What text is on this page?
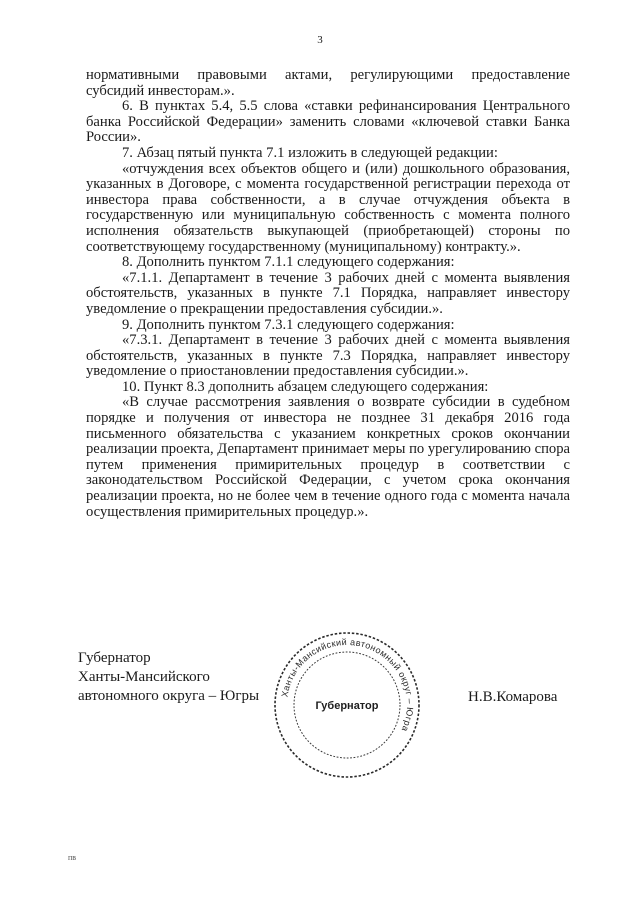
3

нормативными правовыми актами, регулирующими предоставление субсидий инвесторам.».

6. В пунктах 5.4, 5.5 слова «ставки рефинансирования Центрального банка Российской Федерации» заменить словами «ключевой ставки Банка России».

7. Абзац пятый пункта 7.1 изложить в следующей редакции:

«отчуждения всех объектов общего и (или) дошкольного образования, указанных в Договоре, с момента государственной регистрации перехода от инвестора права собственности, а в случае отчуждения объекта в государственную или муниципальную собственность с момента полного исполнения обязательств выкупающей (приобретающей) стороны по соответствующему государственному (муниципальному) контракту.».

8. Дополнить пунктом 7.1.1 следующего содержания:

«7.1.1. Департамент в течение 3 рабочих дней с момента выявления обстоятельств, указанных в пункте 7.1 Порядка, направляет инвестору уведомление о прекращении предоставления субсидии.».

9. Дополнить пунктом 7.3.1 следующего содержания:

«7.3.1. Департамент в течение 3 рабочих дней с момента выявления обстоятельств, указанных в пункте 7.3 Порядка, направляет инвестору уведомление о приостановлении предоставления субсидии.».

10. Пункт 8.3 дополнить абзацем следующего содержания:

«В случае рассмотрения заявления о возврате субсидии в судебном порядке и получения от инвестора не позднее 31 декабря 2016 года письменного обязательства с указанием конкретных сроков окончании реализации проекта, Департамент принимает меры по урегулированию спора путем применения примирительных процедур в соответствии с законодательством Российской Федерации, с учетом срока окончания реализации проекта, но не более чем в течение одного года с момента начала осуществления примирительных процедур.».

Губернатор
Ханты-Мансийского
автономного округа – Югры Ханты-Мансийский автономный округ – Югра
Губернатор
Н.В.Комарова
пв
